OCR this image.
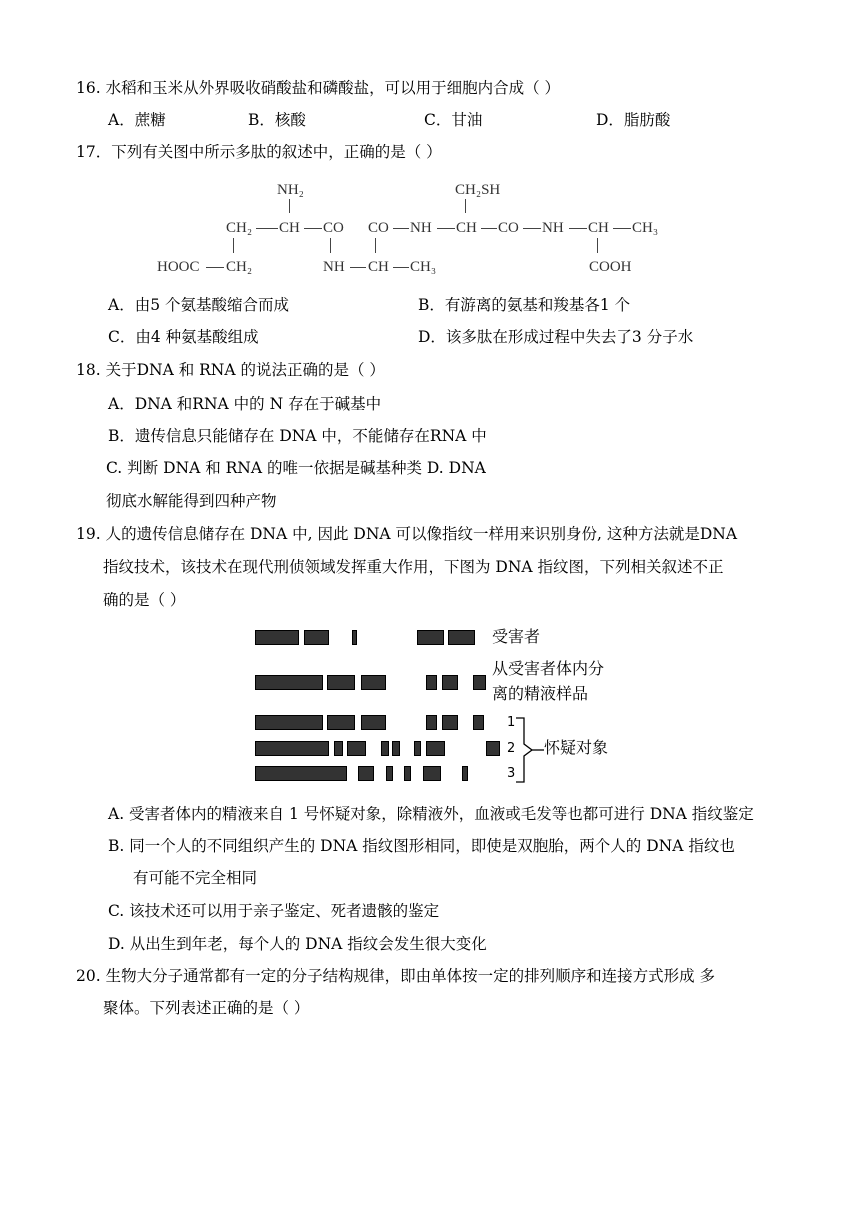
16. 水稻和玉米从外界吸收硝酸盐和磷酸盐，可以用于细胞内合成（ ）
A．蔗糖	B．核酸	C．甘油	D．脂肪酸
17．下列有关图中所示多肽的叙述中，正确的是（ ）
NH₂	CH₂SH
CH₂ CH CO CO NH CH CO NH CH CH₃
HOOC CH₂	NH CH CH₃	COOH
A．由5 个氨基酸缩合而成	B．有游离的氨基和羧基各1 个
C．由4 种氨基酸组成	D．该多肽在形成过程中失去了3 分子水
18. 关于DNA 和 RNA 的说法正确的是（ ）
A．DNA 和RNA 中的 N 存在于碱基中
B．遗传信息只能储存在 DNA 中，不能储存在RNA 中
C. 判断 DNA 和 RNA 的唯一依据是碱基种类 D. DNA
彻底水解能得到四种产物
19. 人的遗传信息储存在 DNA 中, 因此 DNA 可以像指纹一样用来识别身份, 这种方法就是DNA
指纹技术，该技术在现代刑侦领域发挥重大作用，下图为 DNA 指纹图，下列相关叙述不正
确的是（ ）
受害者
从受害者体内分
离的精液样品
1
2
3
怀疑对象
A. 受害者体内的精液来自 1 号怀疑对象，除精液外，血液或毛发等也都可进行 DNA 指纹鉴定
B. 同一个人的不同组织产生的 DNA 指纹图形相同，即使是双胞胎，两个人的 DNA 指纹也
有可能不完全相同
C. 该技术还可以用于亲子鉴定、死者遗骸的鉴定
D. 从出生到年老，每个人的 DNA 指纹会发生很大变化
20. 生物大分子通常都有一定的分子结构规律，即由单体按一定的排列顺序和连接方式形成 多
聚体。下列表述正确的是（ ）
